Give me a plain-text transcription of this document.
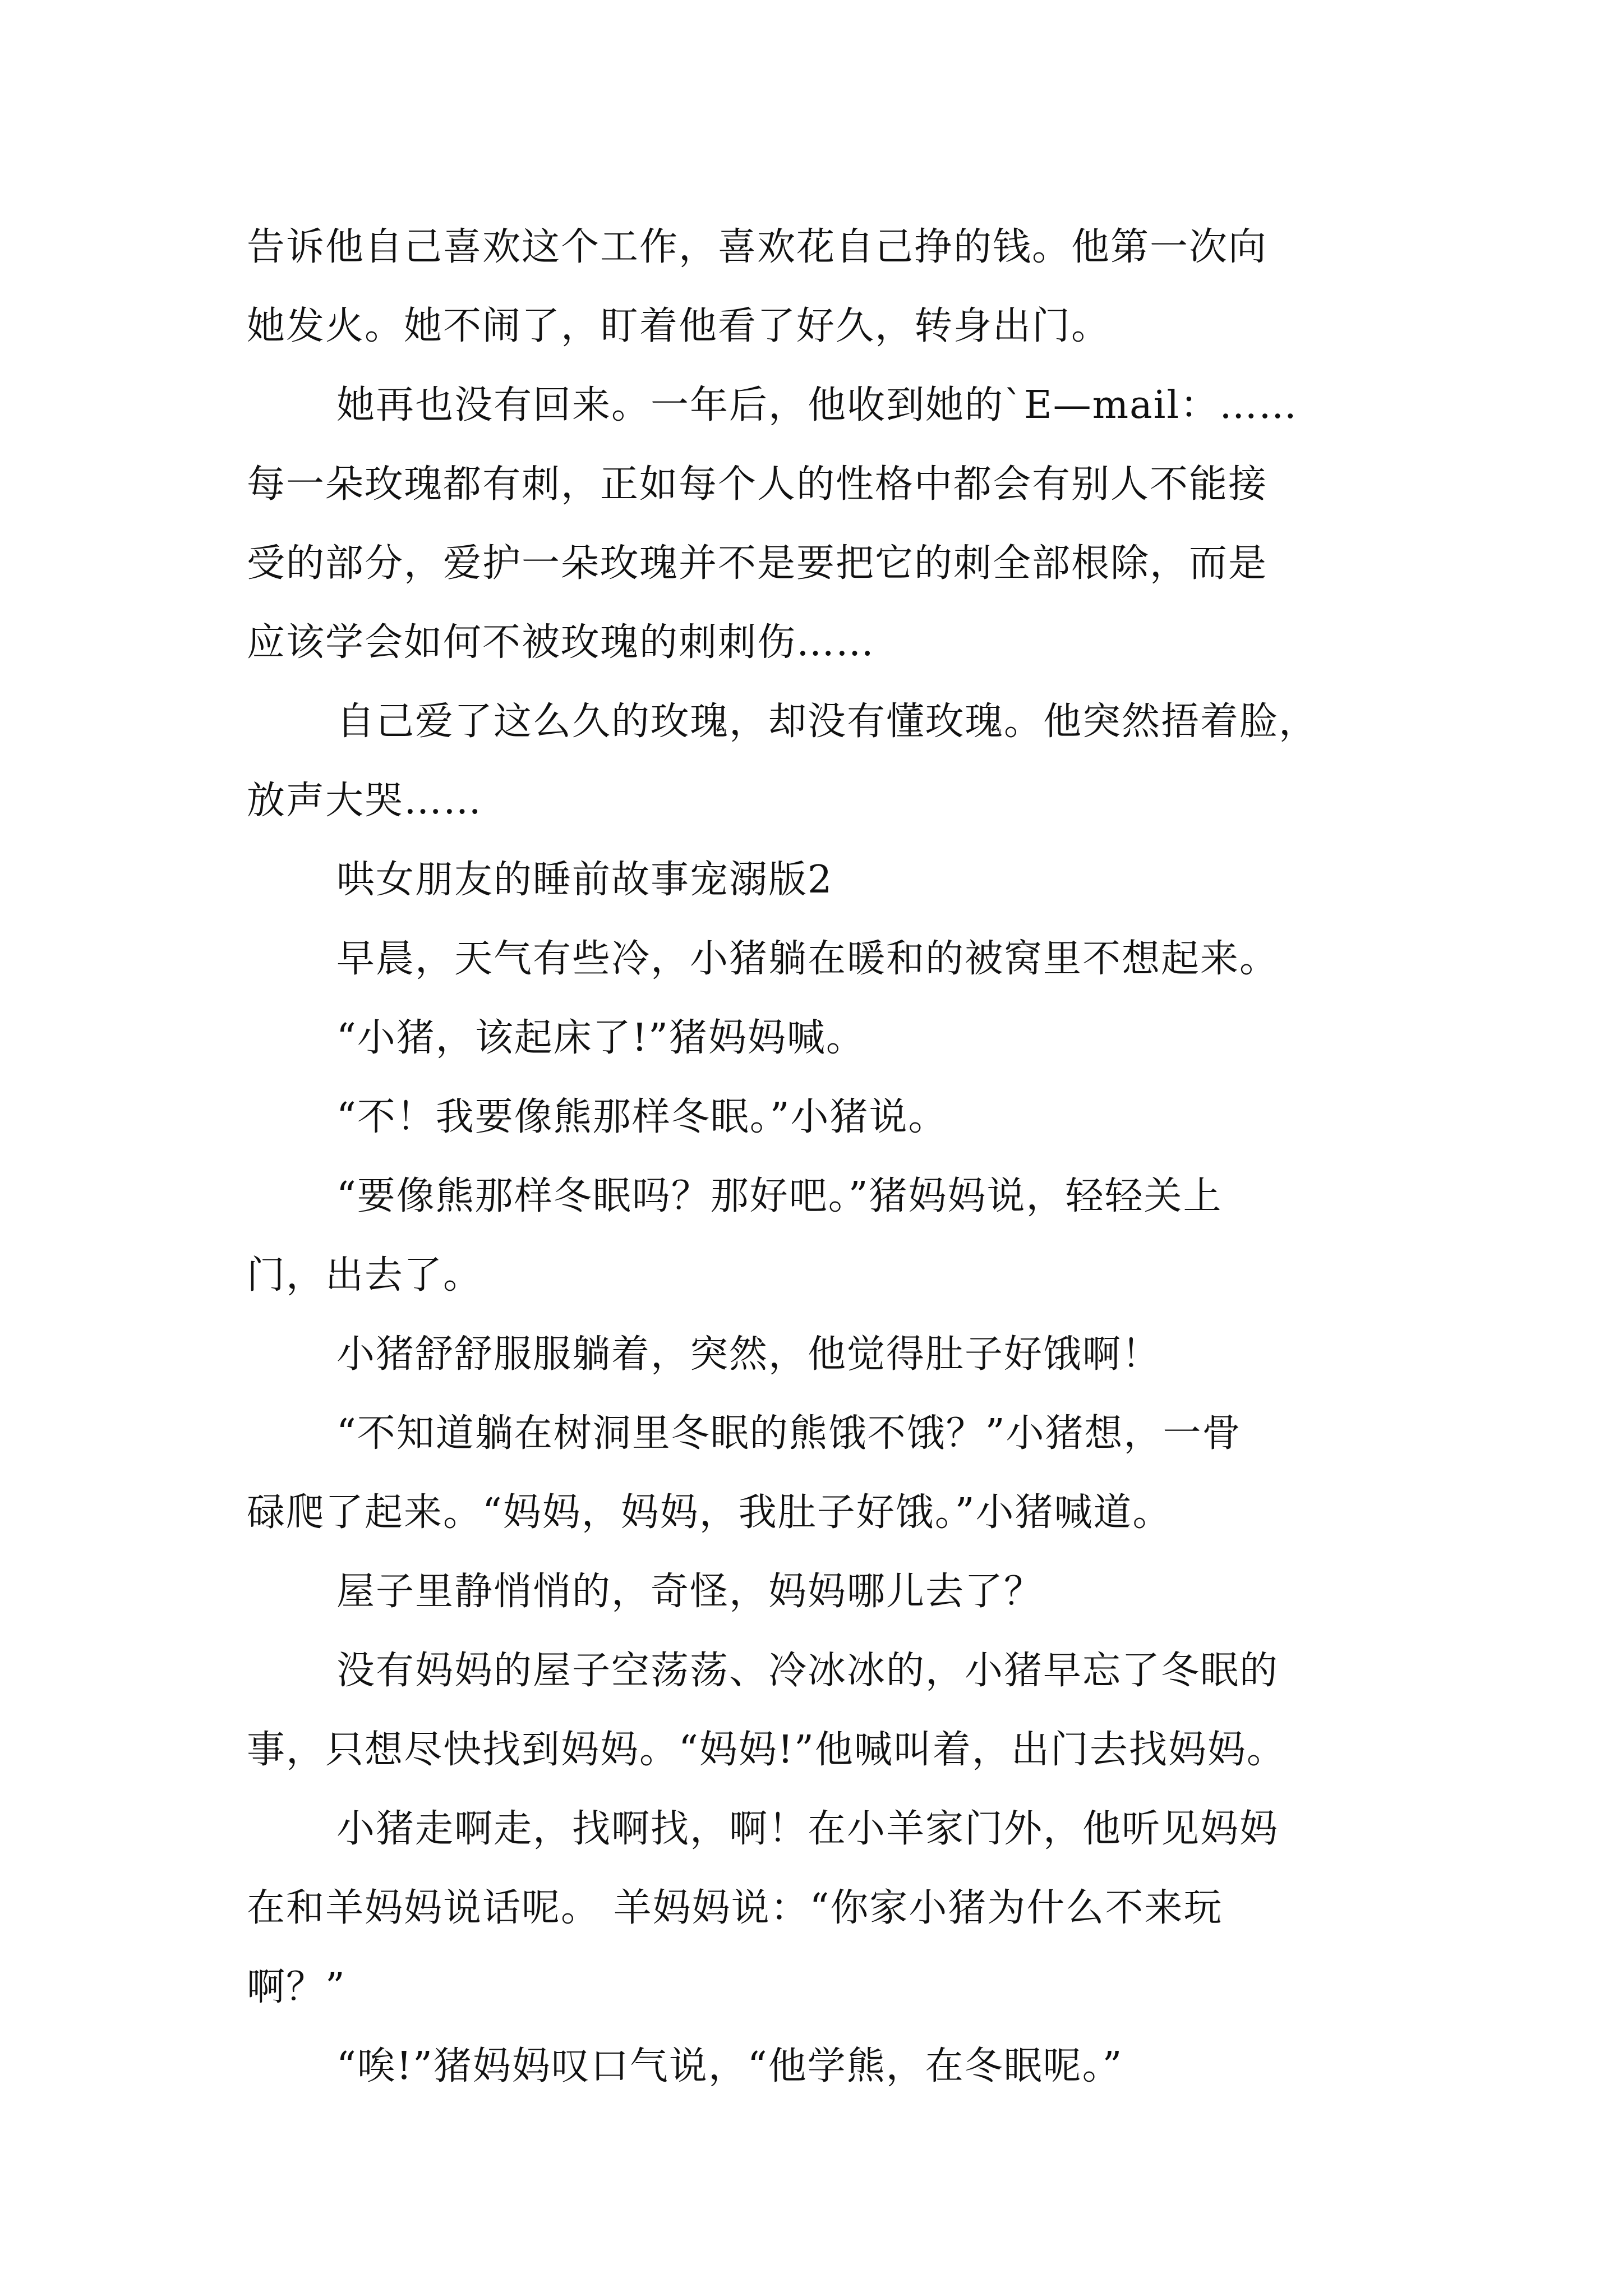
告诉他自己喜欢这个工作，喜欢花自己挣的钱。他第一次向

她发火。她不闹了，盯着他看了好久，转身出门。

她再也没有回来。一年后，他收到她的`E—mail：……

每一朵玫瑰都有刺，正如每个人的性格中都会有别人不能接

受的部分，爱护一朵玫瑰并不是要把它的刺全部根除，而是

应该学会如何不被玫瑰的刺刺伤……

自己爱了这么久的玫瑰，却没有懂玫瑰。他突然捂着脸，

放声大哭……

哄女朋友的睡前故事宠溺版2

早晨，天气有些冷，小猪躺在暖和的被窝里不想起来。

“小猪，该起床了!”猪妈妈喊。

“不！我要像熊那样冬眠。”小猪说。

“要像熊那样冬眠吗？那好吧。”猪妈妈说，轻轻关上

门，出去了。

小猪舒舒服服躺着，突然，他觉得肚子好饿啊！

“不知道躺在树洞里冬眠的熊饿不饿？”小猪想，一骨

碌爬了起来。“妈妈，妈妈，我肚子好饿。”小猪喊道。

屋子里静悄悄的，奇怪，妈妈哪儿去了？

没有妈妈的屋子空荡荡、冷冰冰的，小猪早忘了冬眠的

事，只想尽快找到妈妈。“妈妈!”他喊叫着，出门去找妈妈。

小猪走啊走，找啊找，啊！在小羊家门外，他听见妈妈

在和羊妈妈说话呢。 羊妈妈说：“你家小猪为什么不来玩

啊？”

“唉!”猪妈妈叹口气说，“他学熊，在冬眠呢。”
